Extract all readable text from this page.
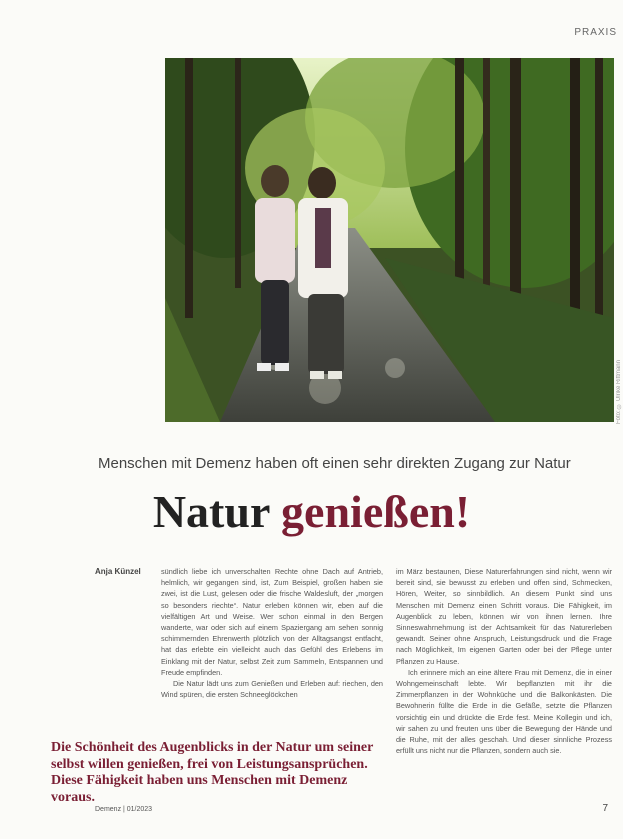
PRAXIS
Foto: © Ulrike Rittmann
Menschen mit Demenz haben oft einen sehr direkten Zugang zur Natur
Natur genießen!
Anja Künzel	sündlich liebe ich unverschalten Rechte ohne Dach auf Antrieb, helmlich, wir gegangen sind, ist, Zum Beispiel, großen haben sie zwei, ist die Lust, gelesen oder die frische Waldesluft, der „morgen so besonders riechte“. Natur erleben können wir, eben auf die vielfältigen Art und Weise. Wer schon einmal in den Bergen wanderte, war oder sich auf einem Spaziergang am sehen sonnig schimmernden Ehrenwerth plötzlich von der Alltagsangst entfacht, hat das erlebte ein vielleicht auch das Gefühl des Erlebens im Einklang mit der Natur, selbst Zeit zum Sammeln, Entspannen und Freude empfinden.

Die Natur lädt uns zum Genießen und Erleben auf: riechen, den Wind spüren, die ersten Schneeglöckchen

im März bestaunen, Diese Naturerfahrungen sind nicht, wenn wir bereit sind, sie bewusst zu erleben und offen sind, Schmecken, Hören, Weiter, so sinnbildlich. An diesem Punkt sind uns Menschen mit Demenz einen Schritt voraus. Die Fähigkeit, im Augenblick zu leben, können wir von ihnen lernen. Ihre Sinneswahrnehmung ist der Achtsamkeit für das Naturerleben gewandt. Seiner ohne Anspruch, Leistungsdruck und die Frage nach Möglichkeit, Im eigenen Garten oder bei der Pflege unter Pflanzen zu Hause.

Ich erinnere mich an eine ältere Frau mit Demenz, die in einer Wohngemeinschaft lebte. Wir bepflanzten mit ihr die Zimmerpflanzen in der Wohnküche und die Balkonkästen. Die Bewohnerin füllte die Erde in die Gefäße, setzte die Pflanzen vorsichtig ein und drückte die Erde fest. Meine Kollegin und ich, wir sahen zu und freuten uns über die Bewegung der Hände und die Ruhe, mit der alles geschah. Und dieser sinnliche Prozess erfüllt uns nicht nur die Pflanzen, sondern auch sie.

Die Schönheit des Augenblicks in der Natur um seiner selbst willen genießen, frei von Leistungsansprüchen. Diese Fähigkeit haben uns Menschen mit Demenz voraus.
Demenz | 01/2023	7
